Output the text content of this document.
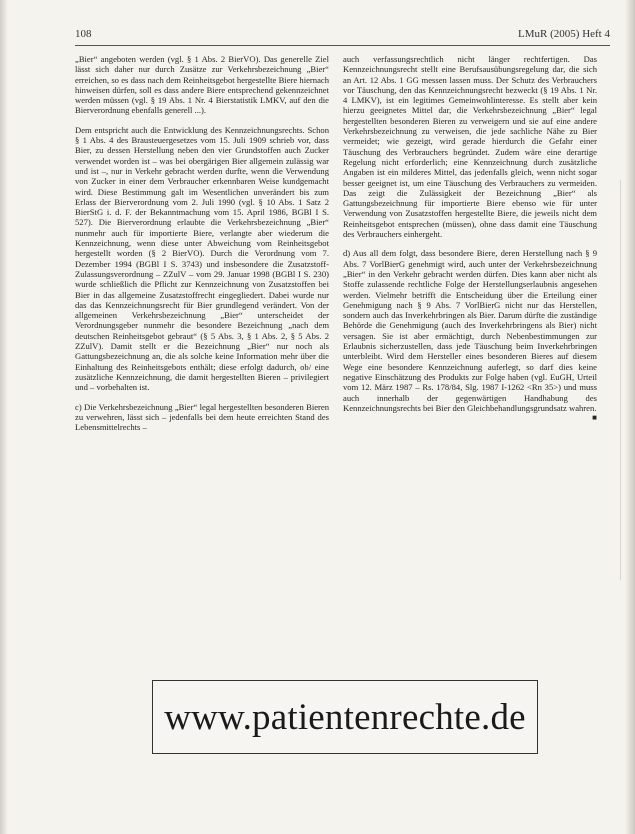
108	LMuR (2005) Heft 4

„Bier“ angeboten werden (vgl. § 1 Abs. 2 BierVO). Das generelle Ziel lässt sich daher nur durch Zusätze zur Verkehrsbezeichnung „Bier“ erreichen, so es dass nach dem Reinheitsgebot hergestellte Biere hiernach hinweisen dürfen, soll es dass andere Biere entsprechend gekennzeichnet werden müssen (vgl. § 19 Abs. 1 Nr. 4 Bierstatistik LMKV, auf den die Bierverordnung ebenfalls generell ...).

Dem entspricht auch die Entwicklung des Kennzeichnungsrechts. Schon § 1 Abs. 4 des Brausteuergesetzes vom 15. Juli 1909 schrieb vor, dass Bier, zu dessen Herstellung neben den vier Grundstoffen auch Zucker verwendet worden ist – was bei obergärigen Bier allgemein zulässig war und ist –, nur in Verkehr gebracht werden durfte, wenn die Verwendung von Zucker in einer dem Verbraucher erkennbaren Weise kundgemacht wird. Diese Bestimmung galt im Wesentlichen unverändert bis zum Erlass der Bierverordnung vom 2. Juli 1990 (vgl. § 10 Abs. 1 Satz 2 BierStG i. d. F. der Bekanntmachung vom 15. April 1986, BGBl I S. 527). Die Bierverordnung erlaubte die Verkehrsbezeichnung „Bier“ nunmehr auch für importierte Biere, verlangte aber wiederum die Kennzeichnung, wenn diese unter Abweichung vom Reinheitsgebot hergestellt worden (§ 2 BierVO). Durch die Verordnung vom 7. Dezember 1994 (BGBl I S. 3743) und insbesondere die Zusatzstoff-Zulassungsverordnung – ZZulV – vom 29. Januar 1998 (BGBl I S. 230) wurde schließlich die Pflicht zur Kennzeichnung von Zusatzstoffen bei Bier in das allgemeine Zusatzstoffrecht eingegliedert. Dabei wurde nur das das Kennzeichnungsrecht für Bier grundlegend verändert. Von der allgemeinen Verkehrsbezeichnung „Bier“ unterscheidet der Verordnungsgeber nunmehr die besondere Bezeichnung „nach dem deutschen Reinheitsgebot gebraut“ (§ 5 Abs. 3, § 1 Abs. 2, § 5 Abs. 2 ZZulV). Damit stellt er die Bezeichnung „Bier“ nur noch als Gattungsbezeichnung an, die als solche keine Information mehr über die Einhaltung des Reinheitsgebots enthält; diese erfolgt dadurch, ob/ eine zusätzliche Kennzeichnung, die damit hergestellten Bieren – privilegiert und – vorbehalten ist.

c) Die Verkehrsbezeichnung „Bier“ legal hergestellten besonderen Bieren zu verwehren, lässt sich – jedenfalls bei dem heute erreichten Stand des Lebensmittelrechts –

auch verfassungsrechtlich nicht länger rechtfertigen. Das Kennzeichnungsrecht stellt eine Berufsausübungsregelung dar, die sich an Art. 12 Abs. 1 GG messen lassen muss. Der Schutz des Verbrauchers vor Täuschung, den das Kennzeichnungsrecht bezweckt (§ 19 Abs. 1 Nr. 4 LMKV), ist ein legitimes Gemeinwohlinteresse. Es stellt aber kein hierzu geeignetes Mittel dar, die Verkehrsbezeichnung „Bier“ legal hergestellten besonderen Bieren zu verweigern und sie auf eine andere Verkehrsbezeichnung zu verweisen, die jede sachliche Nähe zu Bier vermeidet; wie gezeigt, wird gerade hierdurch die Gefahr einer Täuschung des Verbrauchers begründet. Zudem wäre eine derartige Regelung nicht erforderlich; eine Kennzeichnung durch zusätzliche Angaben ist ein milderes Mittel, das jedenfalls gleich, wenn nicht sogar besser geeignet ist, um eine Täuschung des Verbrauchers zu vermeiden. Das zeigt die Zulässigkeit der Bezeichnung „Bier“ als Gattungsbezeichnung für importierte Biere ebenso wie für unter Verwendung von Zusatzstoffen hergestellte Biere, die jeweils nicht dem Reinheitsgebot entsprechen (müssen), ohne dass damit eine Täuschung des Verbrauchers einhergeht.

d) Aus all dem folgt, dass besondere Biere, deren Herstellung nach § 9 Abs. 7 VorlBierG genehmigt wird, auch unter der Verkehrsbezeichnung „Bier“ in den Verkehr gebracht werden dürfen. Dies kann aber nicht als Stoffe zulassende rechtliche Folge der Herstellungserlaubnis angesehen werden. Vielmehr betrifft die Entscheidung über die Erteilung einer Genehmigung nach § 9 Abs. 7 VorlBierG nicht nur das Herstellen, sondern auch das Inverkehrbringen als Bier. Darum dürfte die zuständige Behörde die Genehmigung (auch des Inverkehrbringens als Bier) nicht versagen. Sie ist aber ermächtigt, durch Nebenbestimmungen zur Erlaubnis sicherzustellen, dass jede Täuschung beim Inverkehrbringen unterbleibt. Wird dem Hersteller eines besonderen Bieres auf diesem Wege eine besondere Kennzeichnung auferlegt, so darf dies keine negative Einschätzung des Produkts zur Folge haben (vgl. EuGH, Urteil vom 12. März 1987 – Rs. 178/84, Slg. 1987 I-1262 <Rn 35>) und muss auch innerhalb der gegenwärtigen Handhabung des Kennzeichnungsrechts bei Bier den Gleichbehandlungsgrundsatz wahren.
■

www.patientenrechte.de
